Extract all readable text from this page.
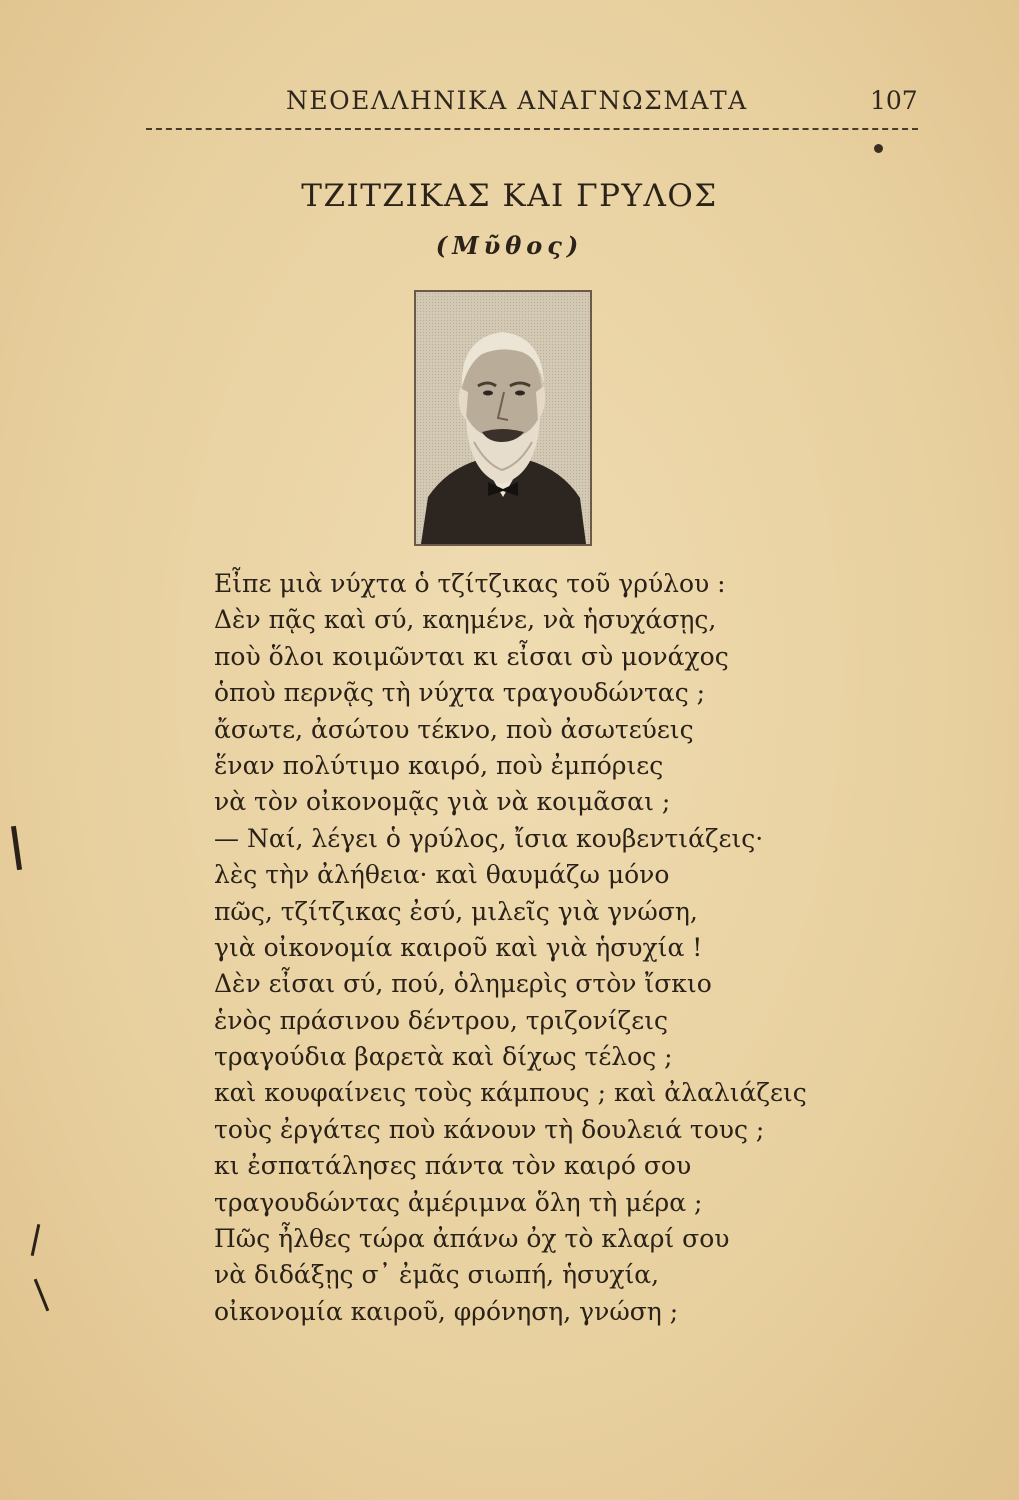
ΝΕΟΕΛΛΗΝΙΚΑ ΑΝΑΓΝΩΣΜΑΤΑ	107
ΤΖΙΤΖΙΚΑΣ ΚΑΙ ΓΡΥΛΟΣ
(Μῦθος)
Εἶπε μιὰ νύχτα ὁ τζίτζικας τοῦ γρύλου :
Δὲν πᾷς καὶ σύ, καημένε, νὰ ἡσυχάσῃς,
ποὺ ὅλοι κοιμῶνται κι εἶσαι σὺ μονάχος
ὁποὺ περνᾷς τὴ νύχτα τραγουδώντας ;
ἄσωτε, ἀσώτου τέκνο, ποὺ ἀσωτεύεις
ἕναν πολύτιμο καιρό, ποὺ ἐμπόριες
νὰ τὸν οἰκονομᾷς γιὰ νὰ κοιμᾶσαι ;
— Ναί, λέγει ὁ γρύλος, ἴσια κουβεντιάζεις·
λὲς τὴν ἀλήθεια· καὶ θαυμάζω μόνο
πῶς, τζίτζικας ἐσύ, μιλεῖς γιὰ γνώση,
γιὰ οἰκονομία καιροῦ καὶ γιὰ ἡσυχία !
Δὲν εἶσαι σύ, πού, ὁλημερὶς στὸν ἴσκιο
ἑνὸς πράσινου δέντρου, τριζονίζεις
τραγούδια βαρετὰ καὶ δίχως τέλος ;
καὶ κουφαίνεις τοὺς κάμπους ; καὶ ἀλαλιάζεις
τοὺς ἐργάτες ποὺ κάνουν τὴ δουλειά τους ;
κι ἐσπατάλησες πάντα τὸν καιρό σου
τραγουδώντας ἀμέριμνα ὅλη τὴ μέρα ;
Πῶς ἦλθες τώρα ἀπάνω ὀχ τὸ κλαρί σου
νὰ διδάξῃς σ᾽ ἐμᾶς σιωπή, ἡσυχία,
οἰκονομία καιροῦ, φρόνηση, γνώση ;
